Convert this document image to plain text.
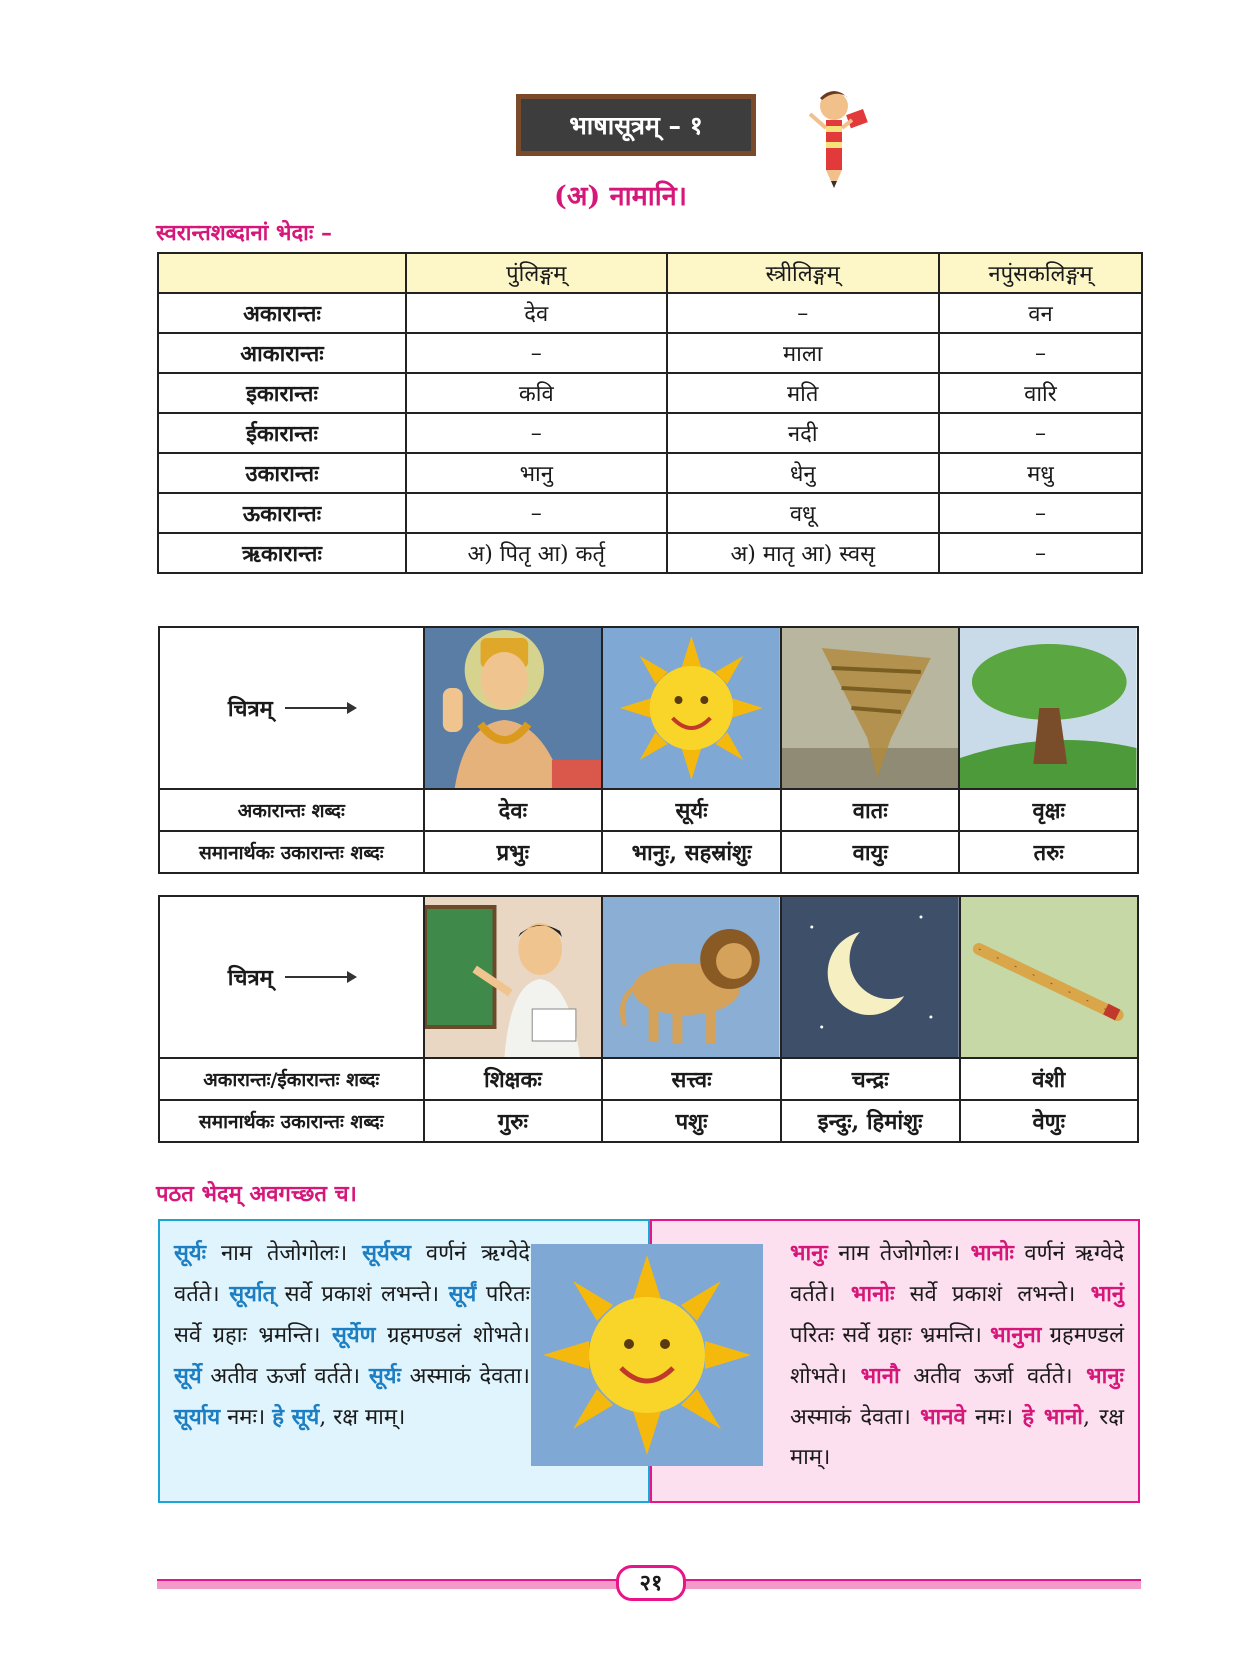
भाषासूत्रम् – १
(अ) नामानि।
स्वरान्तशब्दानां भेदाः –
	पुंलिङ्गम्	स्त्रीलिङ्गम्	नपुंसकलिङ्गम्
अकारान्तः	देव	–	वन
आकारान्तः	–	माला	–
इकारान्तः	कवि	मति	वारि
ईकारान्तः	–	नदी	–
उकारान्तः	भानु	धेनु	मधु
ऊकारान्तः	–	वधू	–
ऋकारान्तः	अ) पितृ आ) कर्तृ	अ) मातृ आ) स्वसृ	–
चित्रम्

अकारान्तः शब्दः	देवः	सूर्यः	वातः	वृक्षः
समानार्थकः उकारान्तः शब्दः	प्रभुः	भानुः, सहस्रांशुः	वायुः	तरुः
चित्रम्

अकारान्तः/ईकारान्तः शब्दः	शिक्षकः	सत्त्वः	चन्द्रः	वंशी
समानार्थकः उकारान्तः शब्दः	गुरुः	पशुः	इन्दुः, हिमांशुः	वेणुः
पठत भेदम् अवगच्छत च।

सूर्यः नाम तेजोगोलः। सूर्यस्य वर्णनं ऋग्वेदे वर्तते। सूर्यात् सर्वे प्रकाशं लभन्ते। सूर्यं परितः सर्वे ग्रहाः भ्रमन्ति। सूर्येण ग्रहमण्डलं शोभते। सूर्ये अतीव ऊर्जा वर्तते। सूर्यः अस्माकं देवता। सूर्याय नमः। हे सूर्य, रक्ष माम्।

भानुः नाम तेजोगोलः। भानोः वर्णनं ऋग्वेदे वर्तते। भानोः सर्वे प्रकाशं लभन्ते। भानुं परितः सर्वे ग्रहाः भ्रमन्ति। भानुना ग्रहमण्डलं शोभते। भानौ अतीव ऊर्जा वर्तते। भानुः अस्माकं देवता। भानवे नमः। हे भानो, रक्ष माम्।

२१
